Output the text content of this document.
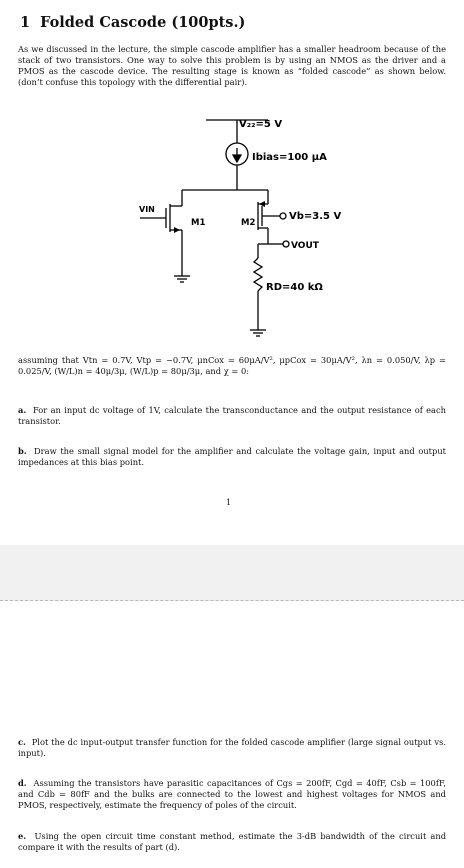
1 Folded Cascode (100pts.)
As we discussed in the lecture, the simple cascode amplifier has a smaller headroom because of the stack of two transistors. One way to solve this problem is by using an NMOS as the driver and a PMOS as the cascode device. The resulting stage is known as “folded cascode” as shown below. (don’t confuse this topology with the differential pair).
V₂₂=5 V
Ibias=100 μA
VIN
M1	M2
Vb=3.5 V
VOUT
RD=40 kΩ
assuming that Vtn = 0.7V, Vtp = −0.7V, μnCox = 60μA/V², μpCox = 30μA/V², λn = 0.050/V, λp = 0.025/V, (W/L)n = 40μ/3μ, (W/L)p = 80μ/3μ, and χ = 0:
a. For an input dc voltage of 1V, calculate the transconductance and the output resistance of each transistor.
b. Draw the small signal model for the amplifier and calculate the voltage gain, input and output impedances at this bias point.
1
c. Plot the dc input-output transfer function for the folded cascode amplifier (large signal output vs. input).
d. Assuming the transistors have parasitic capacitances of Cgs = 200fF, Cgd = 40fF, Csb = 100fF, and Cdb = 80fF and the bulks are connected to the lowest and highest voltages for NMOS and PMOS, respectively, estimate the frequency of poles of the circuit.
e. Using the open circuit time constant method, estimate the 3-dB bandwidth of the circuit and compare it with the results of part (d).
